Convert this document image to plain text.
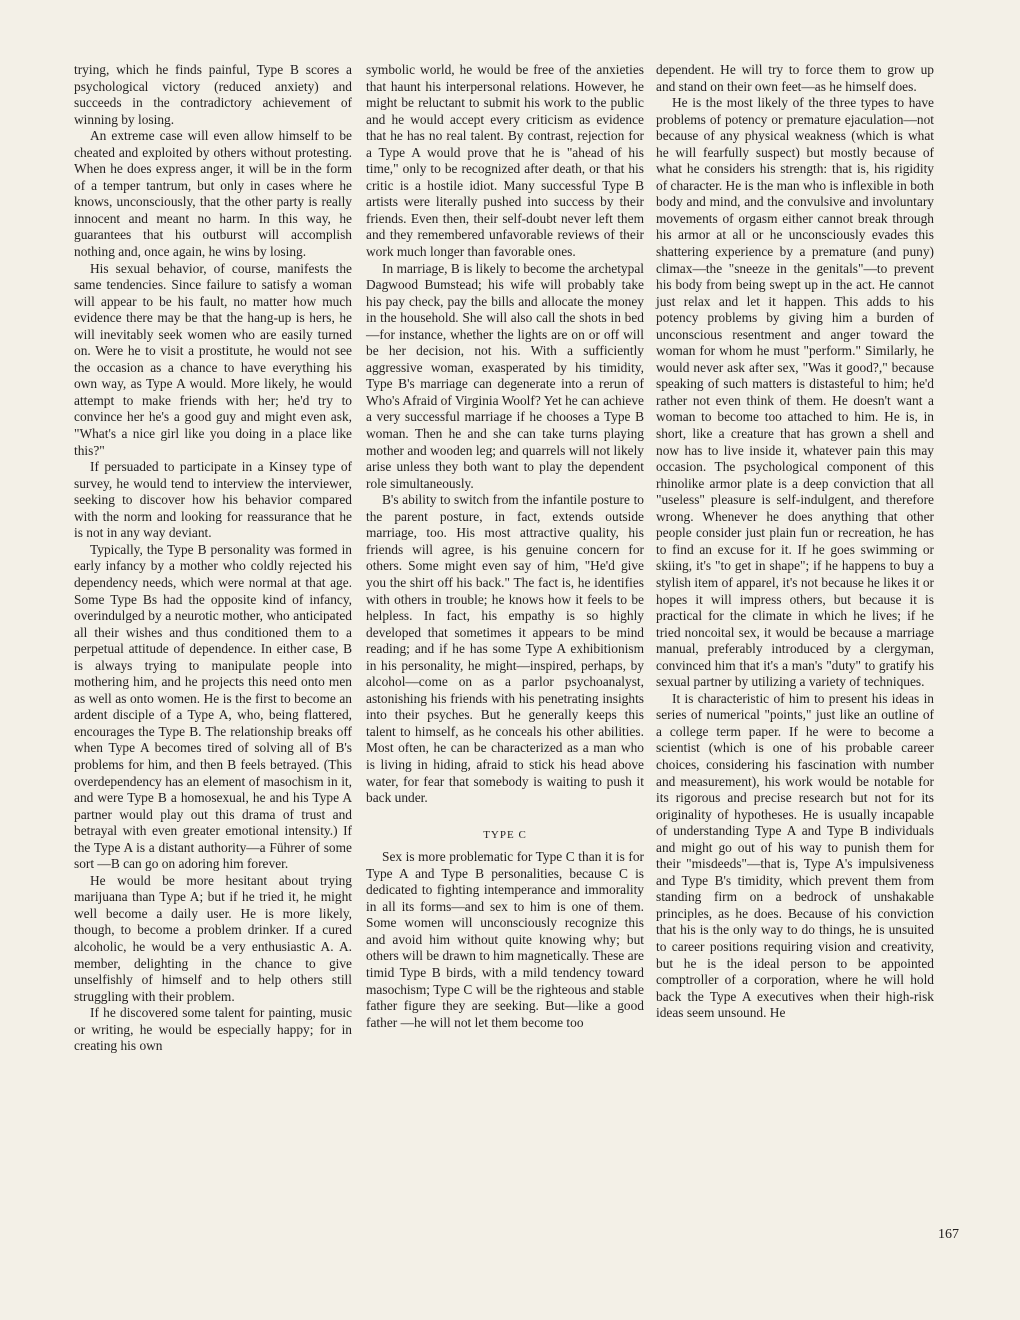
trying, which he finds painful, Type B scores a psychological victory (reduced anxiety) and succeeds in the contradictory achievement of winning by losing.

An extreme case will even allow himself to be cheated and exploited by others without protesting. When he does express anger, it will be in the form of a temper tantrum, but only in cases where he knows, unconsciously, that the other party is really innocent and meant no harm. In this way, he guarantees that his outburst will accomplish nothing and, once again, he wins by losing.

His sexual behavior, of course, manifests the same tendencies. Since failure to satisfy a woman will appear to be his fault, no matter how much evidence there may be that the hang-up is hers, he will inevitably seek women who are easily turned on. Were he to visit a prostitute, he would not see the occasion as a chance to have everything his own way, as Type A would. More likely, he would attempt to make friends with her; he'd try to convince her he's a good guy and might even ask, "What's a nice girl like you doing in a place like this?"

If persuaded to participate in a Kinsey type of survey, he would tend to interview the interviewer, seeking to discover how his behavior compared with the norm and looking for reassurance that he is not in any way deviant.

Typically, the Type B personality was formed in early infancy by a mother who coldly rejected his dependency needs, which were normal at that age. Some Type Bs had the opposite kind of infancy, overindulged by a neurotic mother, who anticipated all their wishes and thus conditioned them to a perpetual attitude of dependence. In either case, B is always trying to manipulate people into mothering him, and he projects this need onto men as well as onto women. He is the first to become an ardent disciple of a Type A, who, being flattered, encourages the Type B. The relationship breaks off when Type A becomes tired of solving all of B's problems for him, and then B feels betrayed. (This overdependency has an element of masochism in it, and were Type B a homosexual, he and his Type A partner would play out this drama of trust and betrayal with even greater emotional intensity.) If the Type A is a distant authority—a Führer of some sort —B can go on adoring him forever.

He would be more hesitant about trying marijuana than Type A; but if he tried it, he might well become a daily user. He is more likely, though, to become a problem drinker. If a cured alcoholic, he would be a very enthusiastic A. A. member, delighting in the chance to give unselfishly of himself and to help others still struggling with their problem.

If he discovered some talent for painting, music or writing, he would be especially happy; for in creating his own

symbolic world, he would be free of the anxieties that haunt his interpersonal relations. However, he might be reluctant to submit his work to the public and he would accept every criticism as evidence that he has no real talent. By contrast, rejection for a Type A would prove that he is "ahead of his time," only to be recognized after death, or that his critic is a hostile idiot. Many successful Type B artists were literally pushed into success by their friends. Even then, their self-doubt never left them and they remembered unfavorable reviews of their work much longer than favorable ones.

In marriage, B is likely to become the archetypal Dagwood Bumstead; his wife will probably take his pay check, pay the bills and allocate the money in the household. She will also call the shots in bed—for instance, whether the lights are on or off will be her decision, not his. With a sufficiently aggressive woman, exasperated by his timidity, Type B's marriage can degenerate into a rerun of Who's Afraid of Virginia Woolf? Yet he can achieve a very successful marriage if he chooses a Type B woman. Then he and she can take turns playing mother and wooden leg; and quarrels will not likely arise unless they both want to play the dependent role simultaneously.

B's ability to switch from the infantile posture to the parent posture, in fact, extends outside marriage, too. His most attractive quality, his friends will agree, is his genuine concern for others. Some might even say of him, "He'd give you the shirt off his back." The fact is, he identifies with others in trouble; he knows how it feels to be helpless. In fact, his empathy is so highly developed that sometimes it appears to be mind reading; and if he has some Type A exhibitionism in his personality, he might—inspired, perhaps, by alcohol—come on as a parlor psychoanalyst, astonishing his friends with his penetrating insights into their psyches. But he generally keeps this talent to himself, as he conceals his other abilities. Most often, he can be characterized as a man who is living in hiding, afraid to stick his head above water, for fear that somebody is waiting to push it back under.

TYPE C

Sex is more problematic for Type C than it is for Type A and Type B personalities, because C is dedicated to fighting intemperance and immorality in all its forms—and sex to him is one of them. Some women will unconsciously recognize this and avoid him without quite knowing why; but others will be drawn to him magnetically. These are timid Type B birds, with a mild tendency toward masochism; Type C will be the righteous and stable father figure they are seeking. But—like a good father —he will not let them become too

dependent. He will try to force them to grow up and stand on their own feet—as he himself does.

He is the most likely of the three types to have problems of potency or premature ejaculation—not because of any physical weakness (which is what he will fearfully suspect) but mostly because of what he considers his strength: that is, his rigidity of character. He is the man who is inflexible in both body and mind, and the convulsive and involuntary movements of orgasm either cannot break through his armor at all or he unconsciously evades this shattering experience by a premature (and puny) climax—the "sneeze in the genitals"—to prevent his body from being swept up in the act. He cannot just relax and let it happen. This adds to his potency problems by giving him a burden of unconscious resentment and anger toward the woman for whom he must "perform." Similarly, he would never ask after sex, "Was it good?," because speaking of such matters is distasteful to him; he'd rather not even think of them. He doesn't want a woman to become too attached to him. He is, in short, like a creature that has grown a shell and now has to live inside it, whatever pain this may occasion. The psychological component of this rhinolike armor plate is a deep conviction that all "useless" pleasure is self-indulgent, and therefore wrong. Whenever he does anything that other people consider just plain fun or recreation, he has to find an excuse for it. If he goes swimming or skiing, it's "to get in shape"; if he happens to buy a stylish item of apparel, it's not because he likes it or hopes it will impress others, but because it is practical for the climate in which he lives; if he tried noncoital sex, it would be because a marriage manual, preferably introduced by a clergyman, convinced him that it's a man's "duty" to gratify his sexual partner by utilizing a variety of techniques.

It is characteristic of him to present his ideas in series of numerical "points," just like an outline of a college term paper. If he were to become a scientist (which is one of his probable career choices, considering his fascination with number and measurement), his work would be notable for its rigorous and precise research but not for its originality of hypotheses. He is usually incapable of understanding Type A and Type B individuals and might go out of his way to punish them for their "misdeeds"—that is, Type A's impulsiveness and Type B's timidity, which prevent them from standing firm on a bedrock of unshakable principles, as he does. Because of his conviction that his is the only way to do things, he is unsuited to career positions requiring vision and creativity, but he is the ideal person to be appointed comptroller of a corporation, where he will hold back the Type A executives when their high-risk ideas seem unsound. He

167
